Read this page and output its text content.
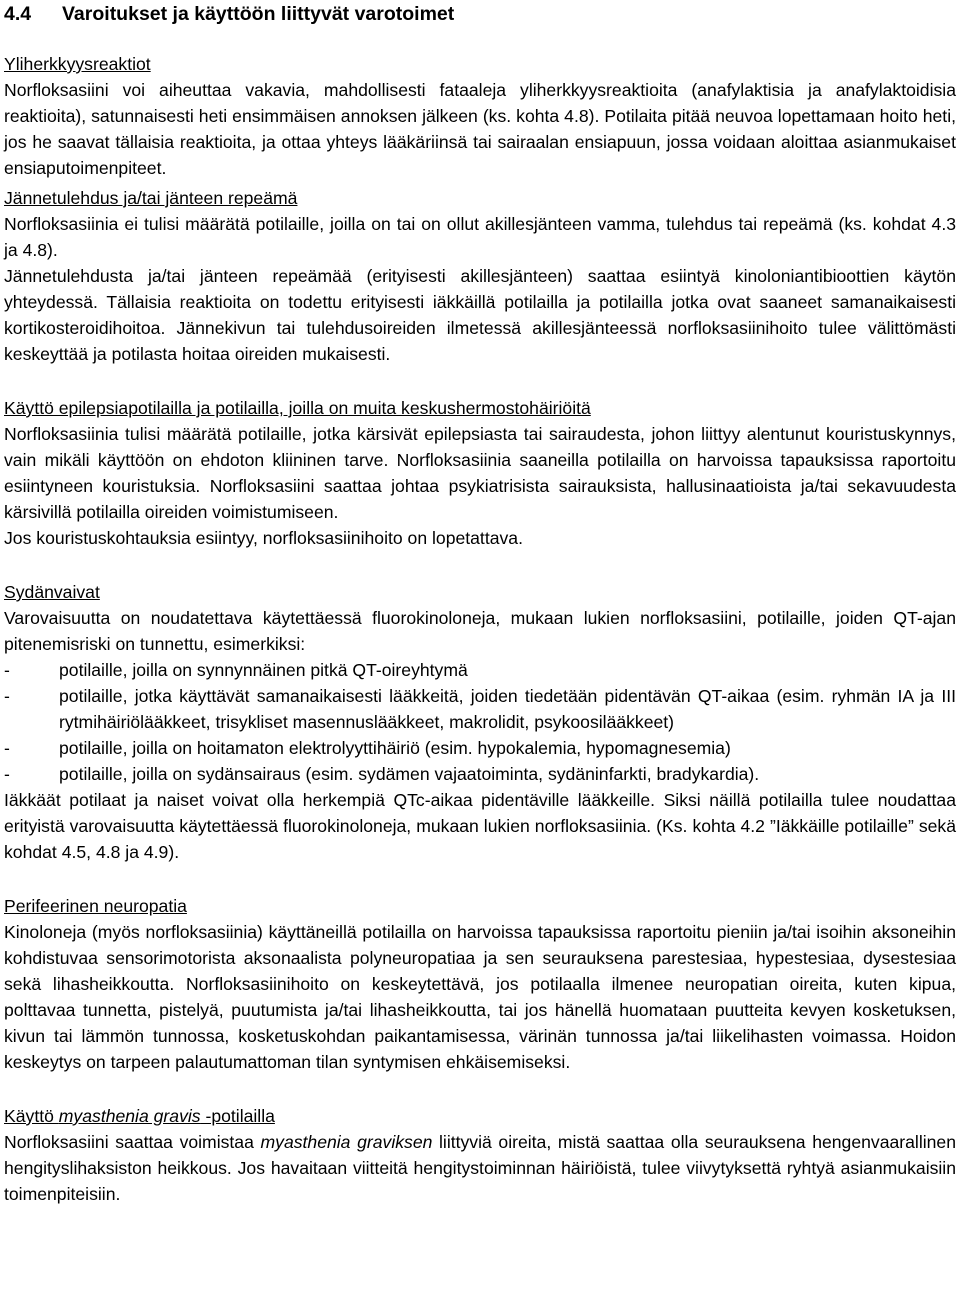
4.4	Varoitukset ja käyttöön liittyvät varotoimet
Yliherkkyysreaktiot

Norfloksasiini voi aiheuttaa vakavia, mahdollisesti fataaleja yliherkkyysreaktioita (anafylaktisia ja anafylaktoidisia reaktioita), satunnaisesti heti ensimmäisen annoksen jälkeen (ks. kohta 4.8). Potilaita pitää neuvoa lopettamaan hoito heti, jos he saavat tällaisia reaktioita, ja ottaa yhteys lääkäriinsä tai sairaalan ensiapuun, jossa voidaan aloittaa asianmukaiset ensiaputoimenpiteet.

Jännetulehdus ja/tai jänteen repeämä

Norfloksasiinia ei tulisi määrätä potilaille, joilla on tai on ollut akillesjänteen vamma, tulehdus tai repeämä (ks. kohdat 4.3 ja 4.8).

Jännetulehdusta ja/tai jänteen repeämää (erityisesti akillesjänteen) saattaa esiintyä kinoloniantibioottien käytön yhteydessä. Tällaisia reaktioita on todettu erityisesti iäkkäillä potilailla ja potilailla jotka ovat saaneet samanaikaisesti kortikosteroidihoitoa. Jännekivun tai tulehdusoireiden ilmetessä akillesjänteessä norfloksasiinihoito tulee välittömästi keskeyttää ja potilasta hoitaa oireiden mukaisesti.

Käyttö epilepsiapotilailla ja potilailla, joilla on muita keskushermostohäiriöitä

Norfloksasiinia tulisi määrätä potilaille, jotka kärsivät epilepsiasta tai sairaudesta, johon liittyy alentunut kouristuskynnys, vain mikäli käyttöön on ehdoton kliininen tarve. Norfloksasiinia saaneilla potilailla on harvoissa tapauksissa raportoitu esiintyneen kouristuksia. Norfloksasiini saattaa johtaa psykiatrisista sairauksista, hallusinaatioista ja/tai sekavuudesta kärsivillä potilailla oireiden voimistumiseen.

Jos kouristuskohtauksia esiintyy, norfloksasiinihoito on lopetattava.

Sydänvaivat

Varovaisuutta on noudatettava käytettäessä fluorokinoloneja, mukaan lukien norfloksasiini, potilaille, joiden QT-ajan pitenemisriski on tunnettu, esimerkiksi:

-	potilaille, joilla on synnynnäinen pitkä QT-oireyhtymä
-	potilaille, jotka käyttävät samanaikaisesti lääkkeitä, joiden tiedetään pidentävän QT-aikaa (esim. ryhmän IA ja III rytmihäiriölääkkeet, trisykliset masennuslääkkeet, makrolidit, psykoosilääkkeet)
-	potilaille, joilla on hoitamaton elektrolyyttihäiriö (esim. hypokalemia, hypomagnesemia)
-	potilaille, joilla on sydänsairaus (esim. sydämen vajaatoiminta, sydäninfarkti, bradykardia).

Iäkkäät potilaat ja naiset voivat olla herkempiä QTc-aikaa pidentäville lääkkeille. Siksi näillä potilailla tulee noudattaa erityistä varovaisuutta käytettäessä fluorokinoloneja, mukaan lukien norfloksasiinia. (Ks. kohta 4.2 ”Iäkkäille potilaille” sekä kohdat 4.5, 4.8 ja 4.9).

Perifeerinen neuropatia

Kinoloneja (myös norfloksasiinia) käyttäneillä potilailla on harvoissa tapauksissa raportoitu pieniin ja/tai isoihin aksoneihin kohdistuvaa sensorimotorista aksonaalista polyneuropatiaa ja sen seurauksena parestesiaa, hypestesiaa, dysestesiaa sekä lihasheikkoutta. Norfloksasiinihoito on keskeytettävä, jos potilaalla ilmenee neuropatian oireita, kuten kipua, polttavaa tunnetta, pistelyä, puutumista ja/tai lihasheikkoutta, tai jos hänellä huomataan puutteita kevyen kosketuksen, kivun tai lämmön tunnossa, kosketuskohdan paikantamisessa, värinän tunnossa ja/tai liikelihasten voimassa. Hoidon keskeytys on tarpeen palautumattoman tilan syntymisen ehkäisemiseksi.

Käyttö myasthenia gravis -potilailla

Norfloksasiini saattaa voimistaa myasthenia graviksen liittyviä oireita, mistä saattaa olla seurauksena hengenvaarallinen hengityslihaksiston heikkous. Jos havaitaan viitteitä hengitystoiminnan häiriöistä, tulee viivytyksettä ryhtyä asianmukaisiin toimenpiteisiin.
